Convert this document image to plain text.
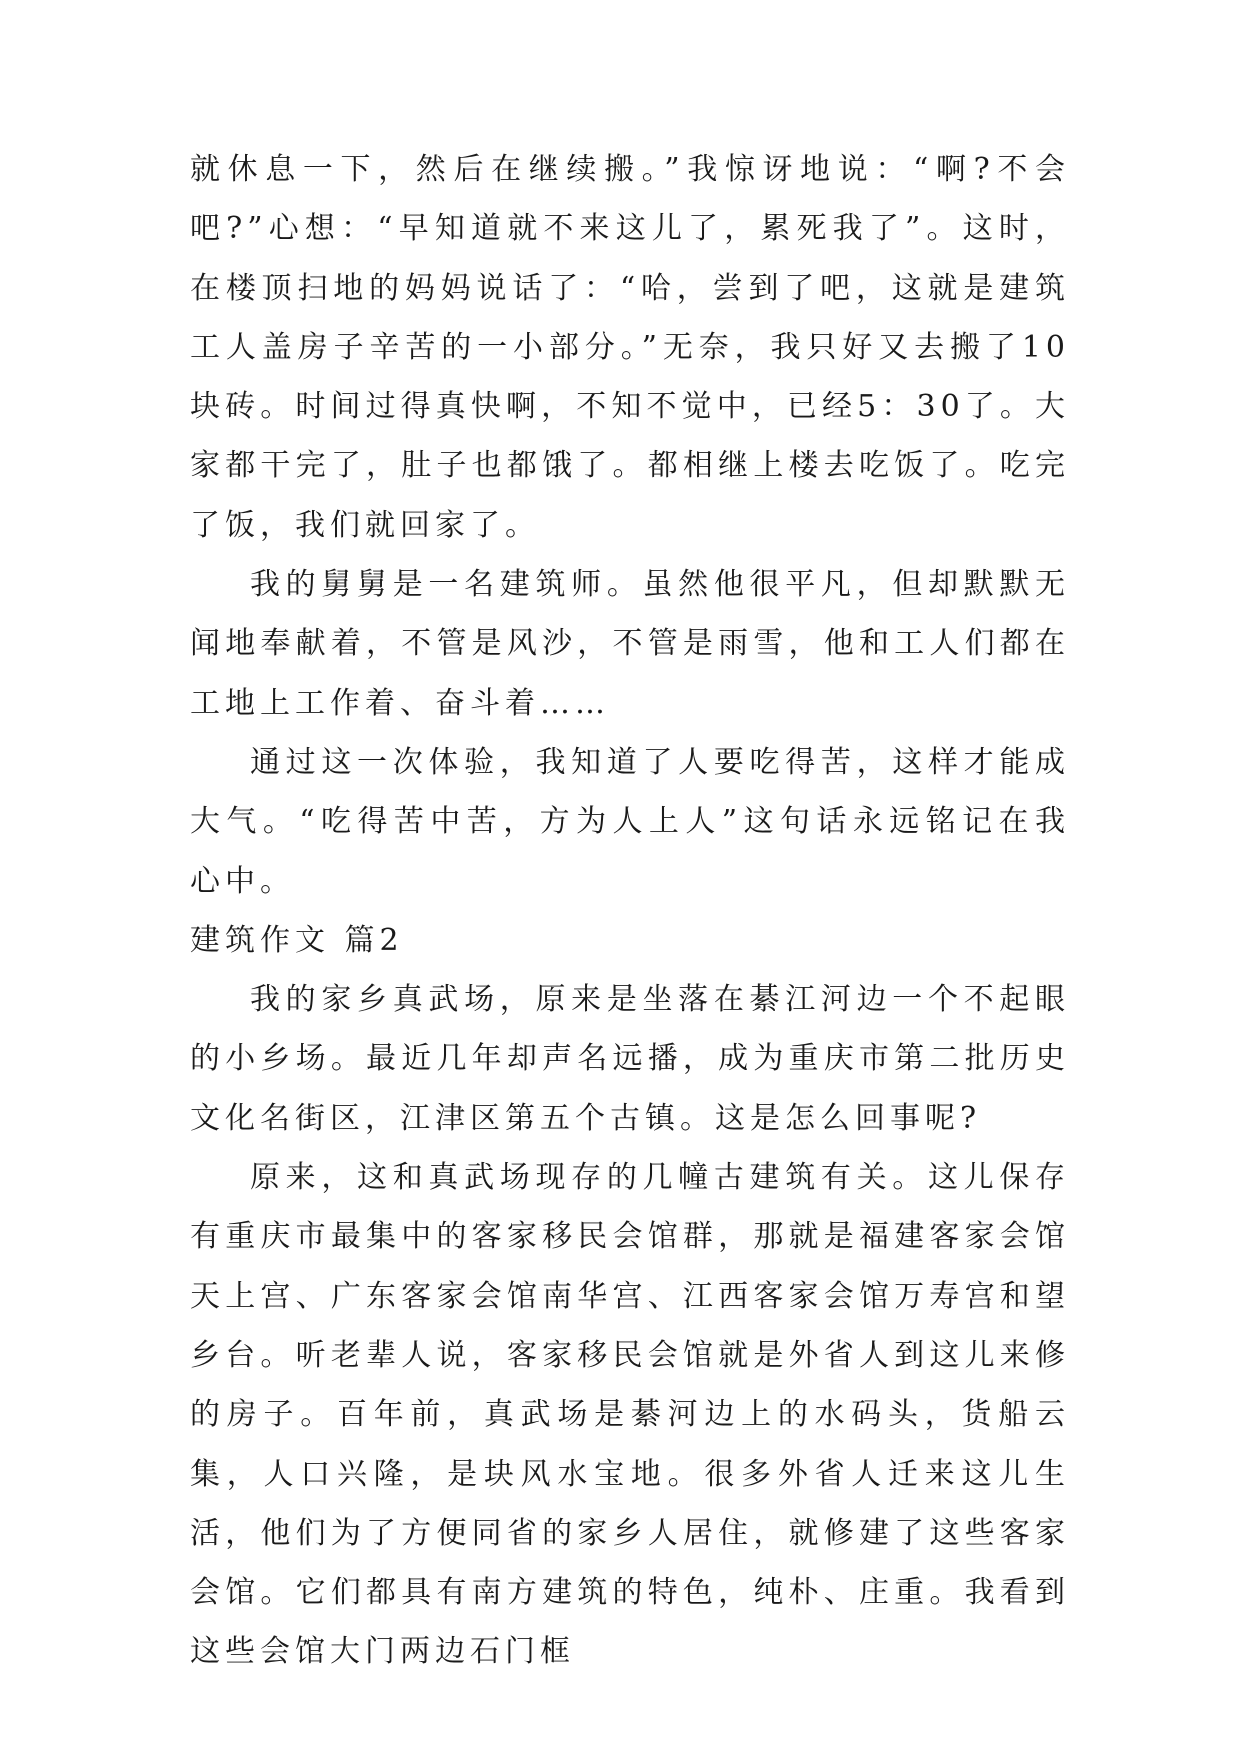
就休息一下，然后在继续搬。”我惊讶地说：“啊?不会吧?”心想：“早知道就不来这儿了，累死我了”。这时，在楼顶扫地的妈妈说话了：“哈，尝到了吧，这就是建筑工人盖房子辛苦的一小部分。”无奈，我只好又去搬了10块砖。时间过得真快啊，不知不觉中，已经5：30了。大家都干完了，肚子也都饿了。都相继上楼去吃饭了。吃完了饭，我们就回家了。

我的舅舅是一名建筑师。虽然他很平凡，但却默默无闻地奉献着，不管是风沙，不管是雨雪，他和工人们都在工地上工作着、奋斗着……

通过这一次体验，我知道了人要吃得苦，这样才能成大气。“吃得苦中苦，方为人上人”这句话永远铭记在我心中。

建筑作文 篇2

我的家乡真武场，原来是坐落在綦江河边一个不起眼的小乡场。最近几年却声名远播，成为重庆市第二批历史文化名街区，江津区第五个古镇。这是怎么回事呢?

原来，这和真武场现存的几幢古建筑有关。这儿保存有重庆市最集中的客家移民会馆群，那就是福建客家会馆天上宫、广东客家会馆南华宫、江西客家会馆万寿宫和望乡台。听老辈人说，客家移民会馆就是外省人到这儿来修的房子。百年前，真武场是綦河边上的水码头，货船云集，人口兴隆，是块风水宝地。很多外省人迁来这儿生活，他们为了方便同省的家乡人居住，就修建了这些客家会馆。它们都具有南方建筑的特色，纯朴、庄重。我看到这些会馆大门两边石门框
